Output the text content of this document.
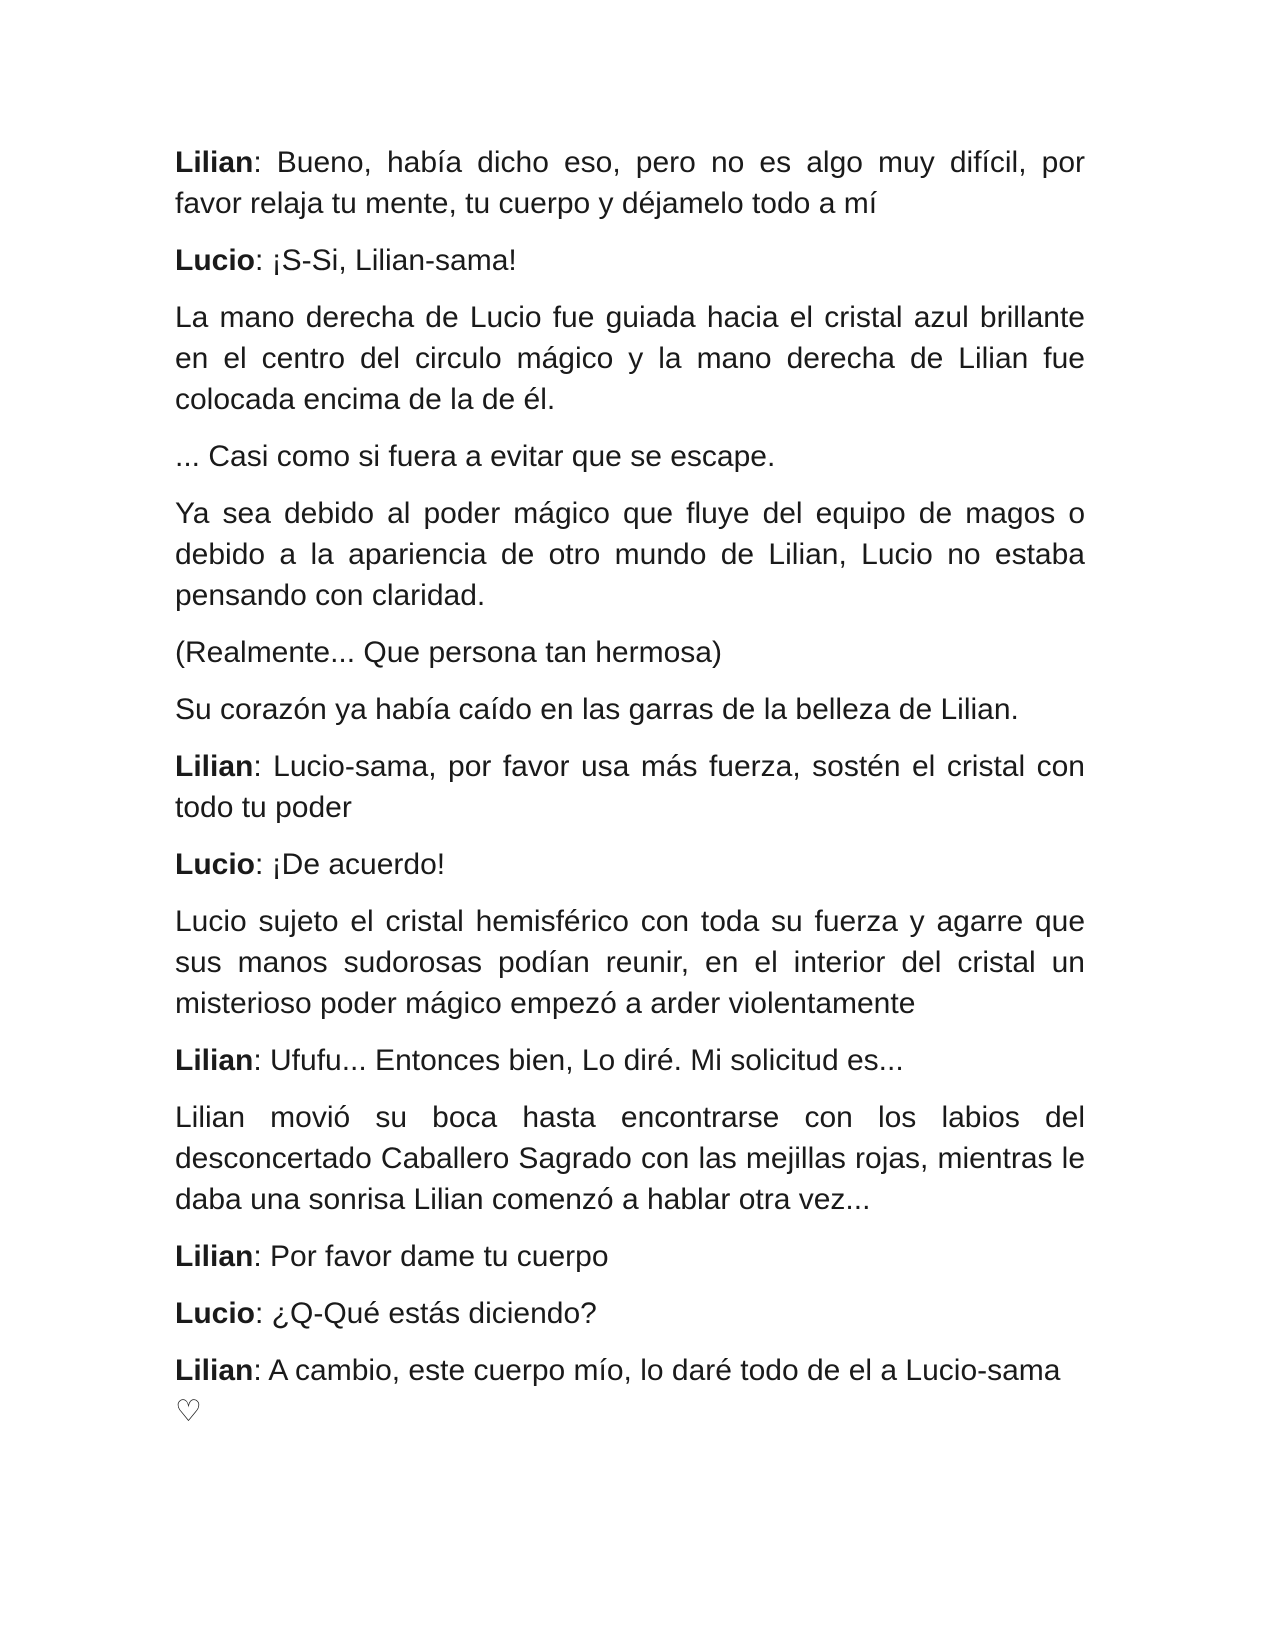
Lilian: Bueno, había dicho eso, pero no es algo muy difícil, por favor relaja tu mente, tu cuerpo y déjamelo todo a mí

Lucio: ¡S-Si, Lilian-sama!

La mano derecha de Lucio fue guiada hacia el cristal azul brillante en el centro del circulo mágico y la mano derecha de Lilian fue colocada encima de la de él.

... Casi como si fuera a evitar que se escape.

Ya sea debido al poder mágico que fluye del equipo de magos o debido a la apariencia de otro mundo de Lilian, Lucio no estaba pensando con claridad.

(Realmente... Que persona tan hermosa)

Su corazón ya había caído en las garras de la belleza de Lilian.

Lilian: Lucio-sama, por favor usa más fuerza, sostén el cristal con todo tu poder

Lucio: ¡De acuerdo!

Lucio sujeto el cristal hemisférico con toda su fuerza y agarre que sus manos sudorosas podían reunir, en el interior del cristal un misterioso poder mágico empezó a arder violentamente

Lilian: Ufufu... Entonces bien, Lo diré. Mi solicitud es...

Lilian movió su boca hasta encontrarse con los labios del desconcertado Caballero Sagrado con las mejillas rojas, mientras le daba una sonrisa Lilian comenzó a hablar otra vez...

Lilian: Por favor dame tu cuerpo

Lucio: ¿Q-Qué estás diciendo?

Lilian: A cambio, este cuerpo mío, lo daré todo de el a Lucio-sama ♡
